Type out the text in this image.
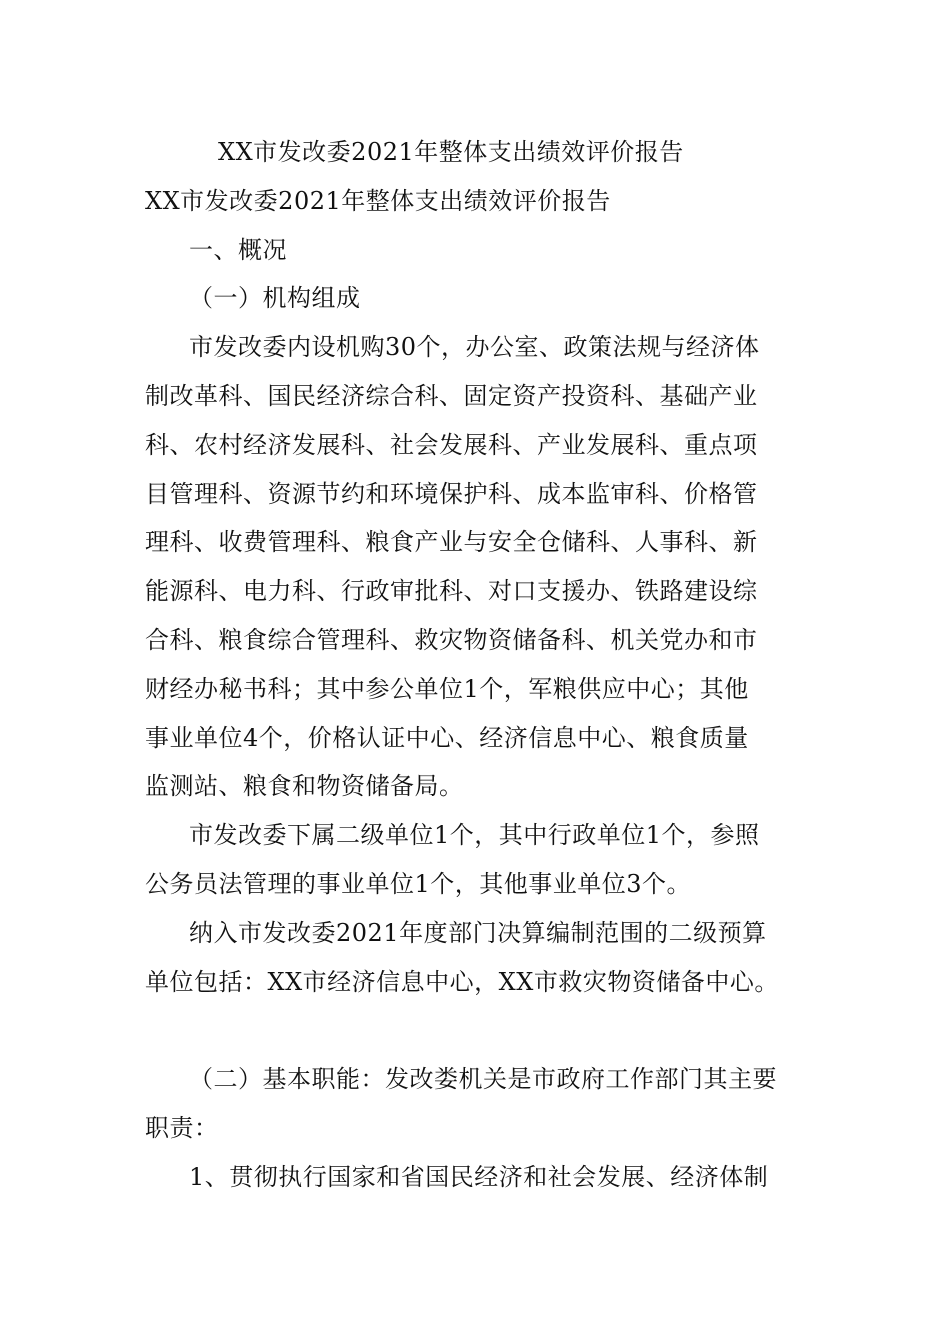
XX市发改委2021年整体支出绩效评价报告
XX市发改委2021年整体支出绩效评价报告
一、概况
（一）机构组成
市发改委内设机购30个，办公室、政策法规与经济体
制改革科、国民经济综合科、固定资产投资科、基础产业
科、农村经济发展科、社会发展科、产业发展科、重点项
目管理科、资源节约和环境保护科、成本监审科、价格管
理科、收费管理科、粮食产业与安全仓储科、人事科、新
能源科、电力科、行政审批科、对口支援办、铁路建设综
合科、粮食综合管理科、救灾物资储备科、机关党办和市
财经办秘书科；其中参公单位1个，军粮供应中心；其他
事业单位4个，价格认证中心、经济信息中心、粮食质量
监测站、粮食和物资储备局。
市发改委下属二级单位1个，其中行政单位1个，参照
公务员法管理的事业单位1个，其他事业单位3个。
纳入市发改委2021年度部门决算编制范围的二级预算
单位包括：XX市经济信息中心，XX市救灾物资储备中心。
（二）基本职能：发改娄机关是市政府工作部门其主要
职责：
1、贯彻执行国家和省国民经济和社会发展、经济体制
